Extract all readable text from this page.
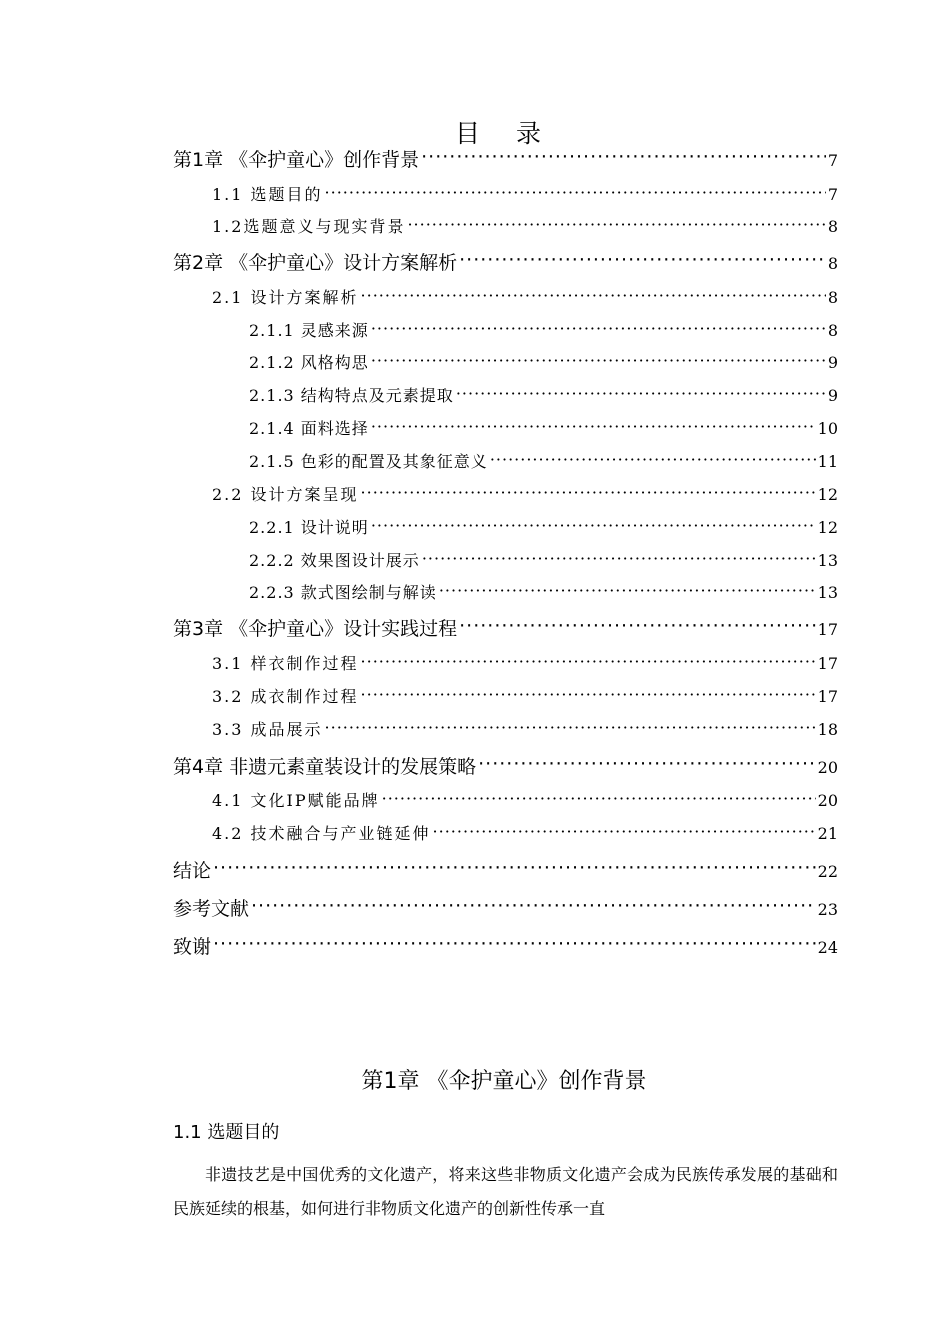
目 录
第1章 《伞护童心》创作背景 ·····	7
1.1 选题目的 ·····	7
1.2选题意义与现实背景 ·····	8
第2章 《伞护童心》设计方案解析 ·····	8
2.1 设计方案解析 ·····	8
2.1.1 灵感来源 ·····	8
2.1.2 风格构思 ·····	9
2.1.3 结构特点及元素提取 ·····	9
2.1.4 面料选择 ·····	10
2.1.5 色彩的配置及其象征意义 ·····	11
2.2 设计方案呈现 ·····	12
2.2.1 设计说明 ·····	12
2.2.2 效果图设计展示 ·····	13
2.2.3 款式图绘制与解读 ·····	13
第3章 《伞护童心》设计实践过程 ·····	17
3.1 样衣制作过程 ·····	17
3.2 成衣制作过程 ·····	17
3.3 成品展示 ·····	18
第4章 非遗元素童装设计的发展策略 ·····	20
4.1 文化IP赋能品牌 ·····	20
4.2 技术融合与产业链延伸 ·····	21
结论 ·····	22
参考文献 ·····	23
致谢 ·····	24
第1章 《伞护童心》创作背景
1.1 选题目的
非遗技艺是中国优秀的文化遗产，将来这些非物质文化遗产会成为民族传承发展的基础和民族延续的根基，如何进行非物质文化遗产的创新性传承一直
